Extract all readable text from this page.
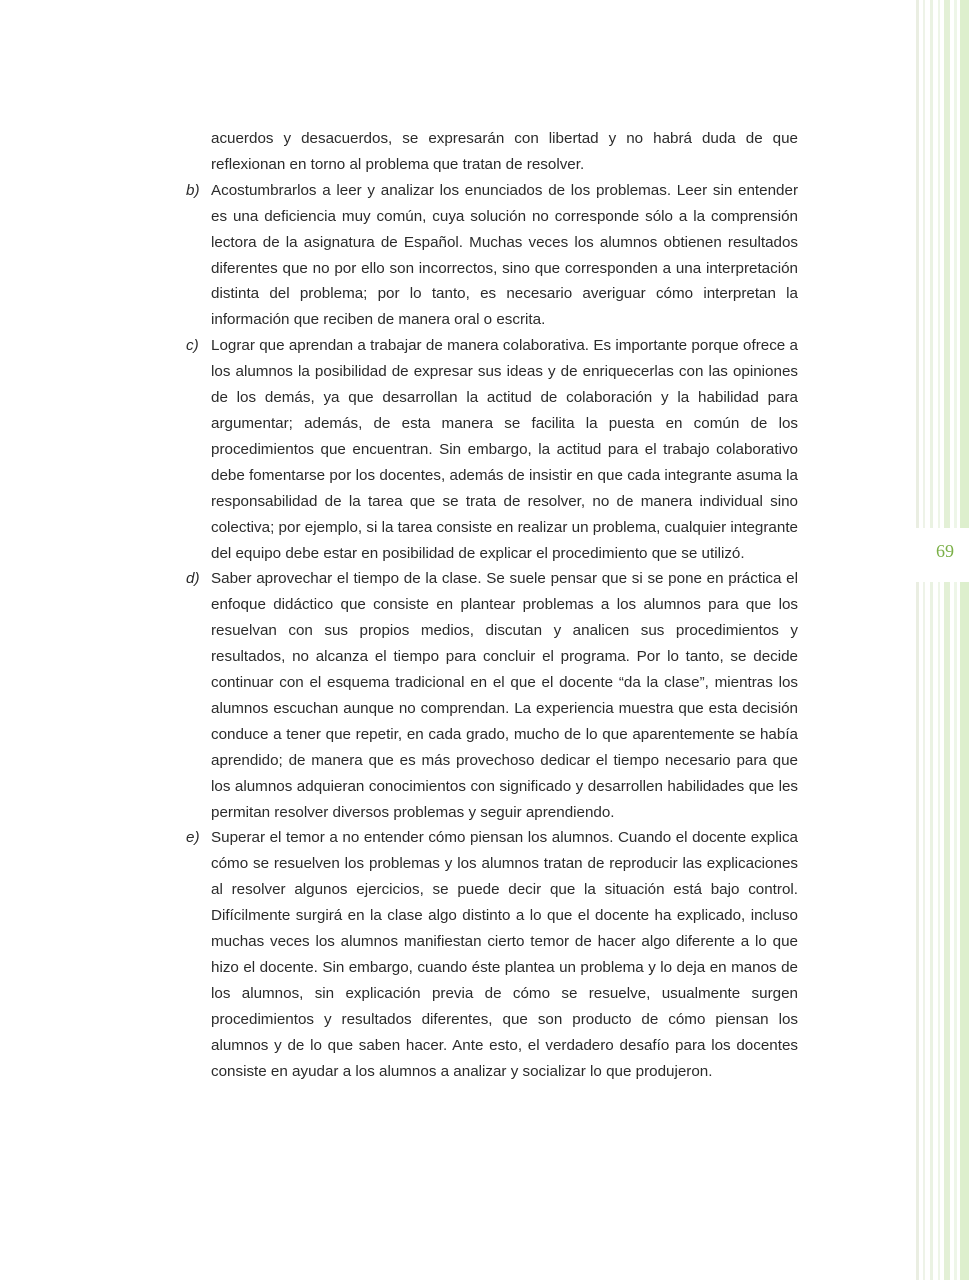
69

acuerdos y desacuerdos, se expresarán con libertad y no habrá duda de que reflexionan en torno al problema que tratan de resolver.

b) Acostumbrarlos a leer y analizar los enunciados de los problemas. Leer sin entender es una deficiencia muy común, cuya solución no corresponde sólo a la comprensión lectora de la asignatura de Español. Muchas veces los alumnos obtienen resultados diferentes que no por ello son incorrectos, sino que corresponden a una interpretación distinta del problema; por lo tanto, es necesario averiguar cómo interpretan la información que reciben de manera oral o escrita.
c) Lograr que aprendan a trabajar de manera colaborativa. Es importante porque ofrece a los alumnos la posibilidad de expresar sus ideas y de enriquecerlas con las opiniones de los demás, ya que desarrollan la actitud de colaboración y la habilidad para argumentar; además, de esta manera se facilita la puesta en común de los procedimientos que encuentran. Sin embargo, la actitud para el trabajo colaborativo debe fomentarse por los docentes, además de insistir en que cada integrante asuma la responsabilidad de la tarea que se trata de resolver, no de manera individual sino colectiva; por ejemplo, si la tarea consiste en realizar un problema, cualquier integrante del equipo debe estar en posibilidad de explicar el procedimiento que se utilizó.
d) Saber aprovechar el tiempo de la clase. Se suele pensar que si se pone en práctica el enfoque didáctico que consiste en plantear problemas a los alumnos para que los resuelvan con sus propios medios, discutan y analicen sus procedimientos y resultados, no alcanza el tiempo para concluir el programa. Por lo tanto, se decide continuar con el esquema tradicional en el que el docente “da la clase”, mientras los alumnos escuchan aunque no comprendan. La experiencia muestra que esta decisión conduce a tener que repetir, en cada grado, mucho de lo que aparentemente se había aprendido; de manera que es más provechoso dedicar el tiempo necesario para que los alumnos adquieran conocimientos con significado y desarrollen habilidades que les permitan resolver diversos problemas y seguir aprendiendo.
e) Superar el temor a no entender cómo piensan los alumnos. Cuando el docente explica cómo se resuelven los problemas y los alumnos tratan de reproducir las explicaciones al resolver algunos ejercicios, se puede decir que la situación está bajo control. Difícilmente surgirá en la clase algo distinto a lo que el docente ha explicado, incluso muchas veces los alumnos manifiestan cierto temor de hacer algo diferente a lo que hizo el docente. Sin embargo, cuando éste plantea un problema y lo deja en manos de los alumnos, sin explicación previa de cómo se resuelve, usualmente surgen procedimientos y resultados diferentes, que son producto de cómo piensan los alumnos y de lo que saben hacer. Ante esto, el verdadero desafío para los docentes consiste en ayudar a los alumnos a analizar y socializar lo que produjeron.
